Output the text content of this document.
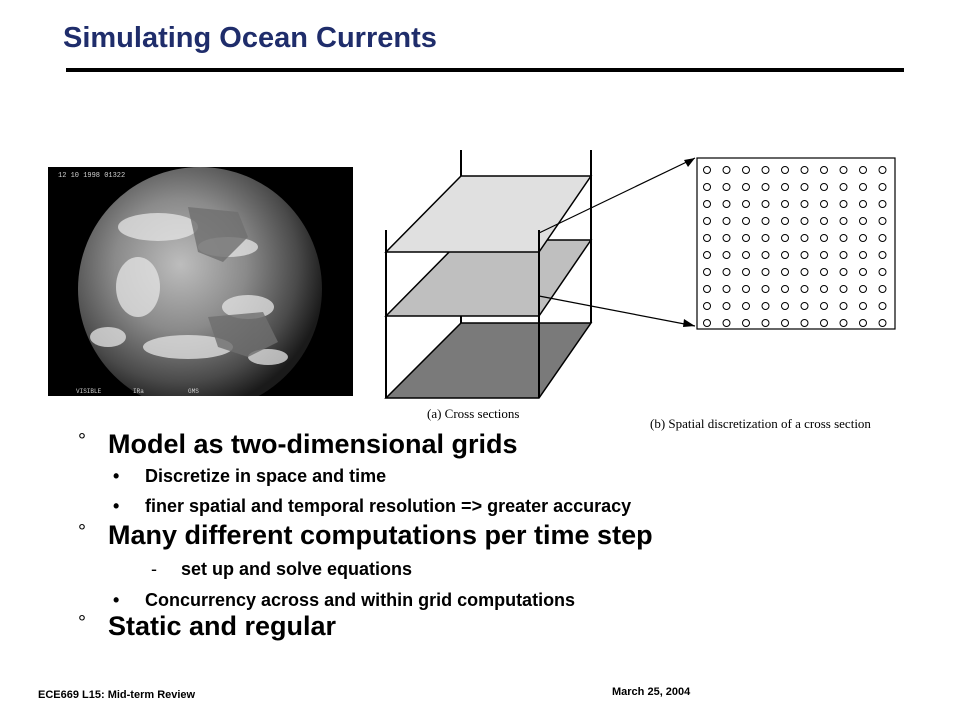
Simulating Ocean Currents
12 10 1998 01322
VISIBLE	IRa	GMS
(a) Cross sections
(b) Spatial discretization of a cross section
° Model as two-dimensional grids
•	Discretize in space and time
•	finer spatial and temporal resolution => greater accuracy
° Many different computations per time step
-	set up and solve equations
•	Concurrency across and within grid computations
° Static and regular
ECE669 L15: Mid-term Review	March 25, 2004
